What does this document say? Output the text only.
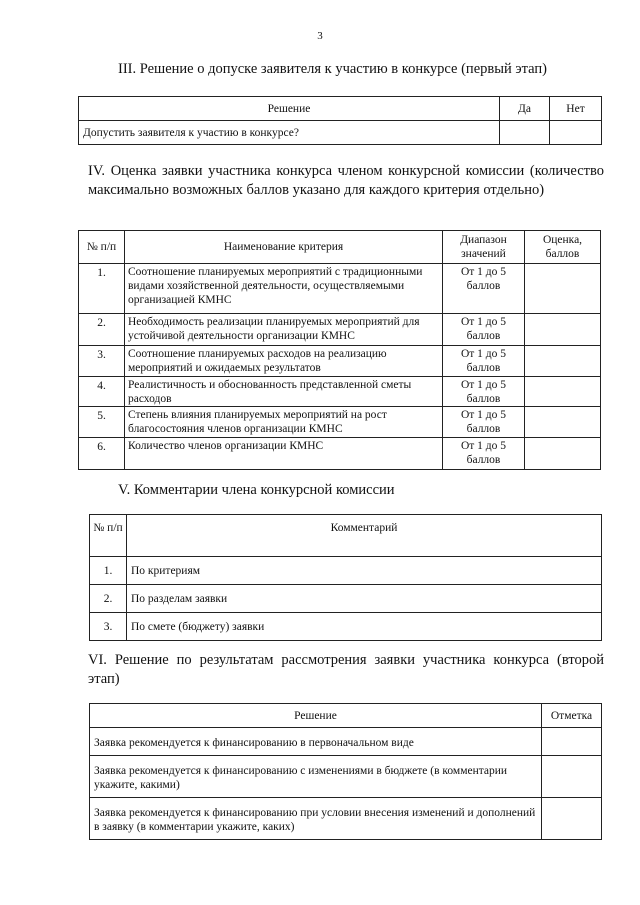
3
III. Решение о допуске заявителя к участию в конкурсе (первый этап)
Решение	Да	Нет
Допустить заявителя к участию в конкурсе?		
IV. Оценка заявки участника конкурса членом конкурсной комиссии (количество максимально возможных баллов указано для каждого критерия отдельно)
№ п/п	Наименование критерия	Диапазон значений	Оценка, баллов
1.	Соотношение планируемых мероприятий с традиционными видами хозяйственной деятельности, осуществляемыми организацией КМНС	От 1 до 5 баллов	
2.	Необходимость реализации планируемых мероприятий для устойчивой деятельности организации КМНС	От 1 до 5 баллов	
3.	Соотношение планируемых расходов на реализацию мероприятий и ожидаемых результатов	От 1 до 5 баллов	
4.	Реалистичность и обоснованность представленной сметы расходов	От 1 до 5 баллов	
5.	Степень влияния планируемых мероприятий на рост благосостояния членов организации КМНС	От 1 до 5 баллов	
6.	Количество членов организации КМНС	От 1 до 5 баллов	
V. Комментарии члена конкурсной комиссии
№ п/п	Комментарий
1.	По критериям
2.	По разделам заявки
3.	По смете (бюджету) заявки
VI. Решение по результатам рассмотрения заявки участника конкурса (второй этап)
Решение	Отметка
Заявка рекомендуется к финансированию в первоначальном виде	
Заявка рекомендуется к финансированию с изменениями в бюджете (в комментарии укажите, какими)	
Заявка рекомендуется к финансированию при условии внесения изменений и дополнений в заявку (в комментарии укажите, каких)	
